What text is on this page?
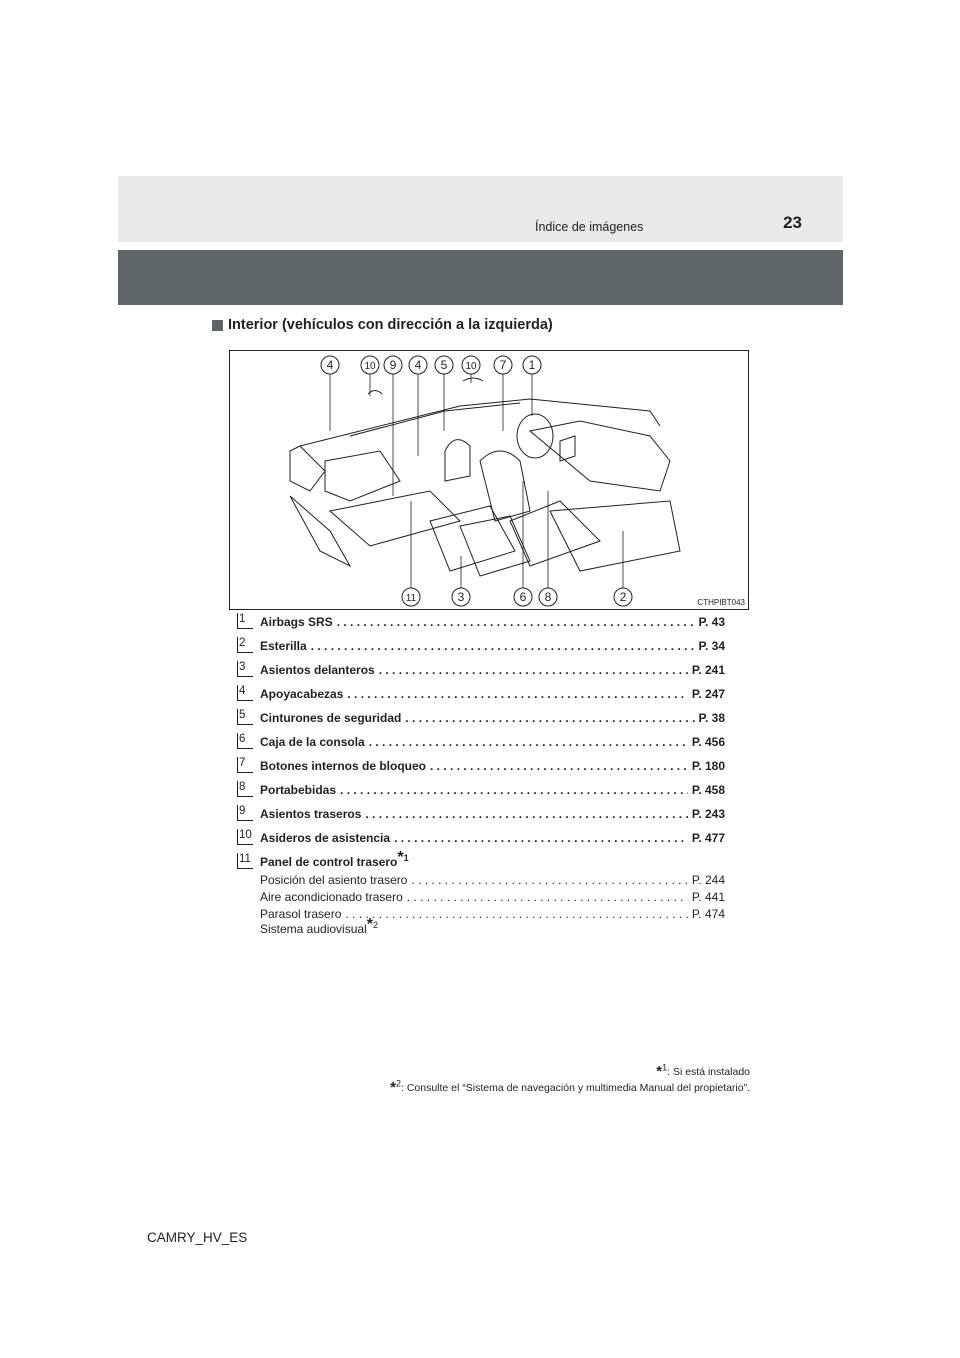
Índice de imágenes	23
Interior (vehículos con dirección a la izquierda)
4	10 9 4 5 10 7 1
11	3	6 8	2	CTHPIBT043
1	Airbags SRS . . .	P. 43
2	Esterilla . . .	P. 34
3	Asientos delanteros . . .	P. 241
4	Apoyacabezas . . .	P. 247
5	Cinturones de seguridad . . .	P. 38
6	Caja de la consola . . .	P. 456
7	Botones internos de bloqueo . . .	P. 180
8	Portabebidas . . .	P. 458
9	Asientos traseros . . .	P. 243
10 Asideros de asistencia . . .	P. 477
11 Panel de control trasero$^{*1}$
Posición del asiento trasero . . .	P. 244
Aire acondicionado trasero . . .	P. 441
Parasol trasero . . .	P. 474
Sistema audiovisual$^{*2}$
*$^1$: Si está instalado
*$^2$: Consulte el “Sistema de navegación y multimedia Manual del propietario”.
CAMRY_HV_ES
